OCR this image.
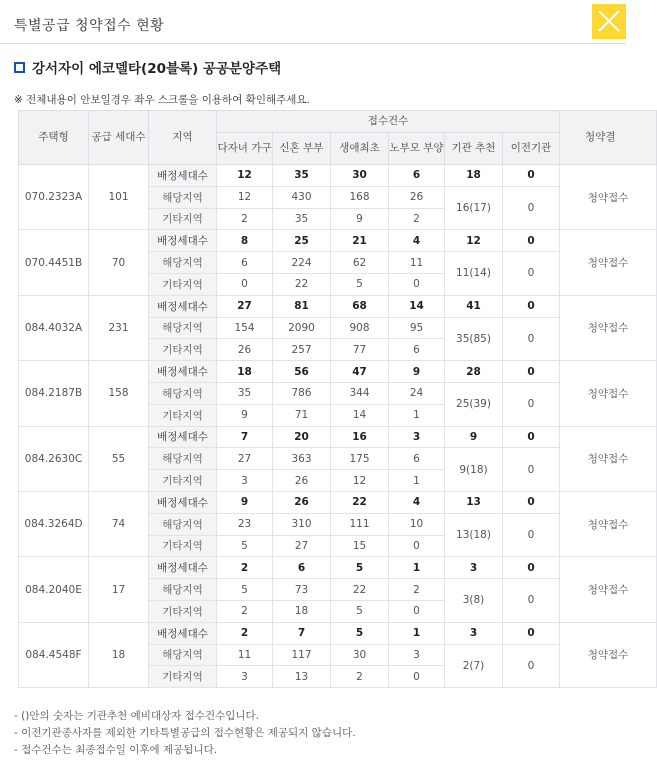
특별공급 청약접수 현황
강서자이 에코델타(20블록) 공공분양주택
※ 전체내용이 안보일경우 좌우 스크롤을 이용하여 확인해주세요.
주택형	공급 세대수	지역	접수건수						청약결
			다자녀 가구	신혼 부부	생애최초	노부모 부양	기관 추천	이전기관	
070.2323A	101	배정세대수	12	35	30	6	18	0	청약접수
		해당지역	12	430	168	26	16(17)	0	
		기타지역	2	35	9	2			
070.4451B	70	배정세대수	8	25	21	4	12	0	청약접수
		해당지역	6	224	62	11	11(14)	0	
		기타지역	0	22	5	0			
084.4032A	231	배정세대수	27	81	68	14	41	0	청약접수
		해당지역	154	2090	908	95	35(85)	0	
		기타지역	26	257	77	6			
084.2187B	158	배정세대수	18	56	47	9	28	0	청약접수
		해당지역	35	786	344	24	25(39)	0	
		기타지역	9	71	14	1			
084.2630C	55	배정세대수	7	20	16	3	9	0	청약접수
		해당지역	27	363	175	6	9(18)	0	
		기타지역	3	26	12	1			
084.3264D	74	배정세대수	9	26	22	4	13	0	청약접수
		해당지역	23	310	111	10	13(18)	0	
		기타지역	5	27	15	0			
084.2040E	17	배정세대수	2	6	5	1	3	0	청약접수
		해당지역	5	73	22	2	3(8)	0	
		기타지역	2	18	5	0			
084.4548F	18	배정세대수	2	7	5	1	3	0	청약접수
		해당지역	11	117	30	3	2(7)	0	
		기타지역	3	13	2	0			
- ()안의 숫자는 기관추천 예비대상자 접수건수입니다.
- 이전기관종사자를 제외한 기타특별공급의 접수현황은 제공되지 않습니다.
- 접수건수는 최종접수일 이후에 제공됩니다.
